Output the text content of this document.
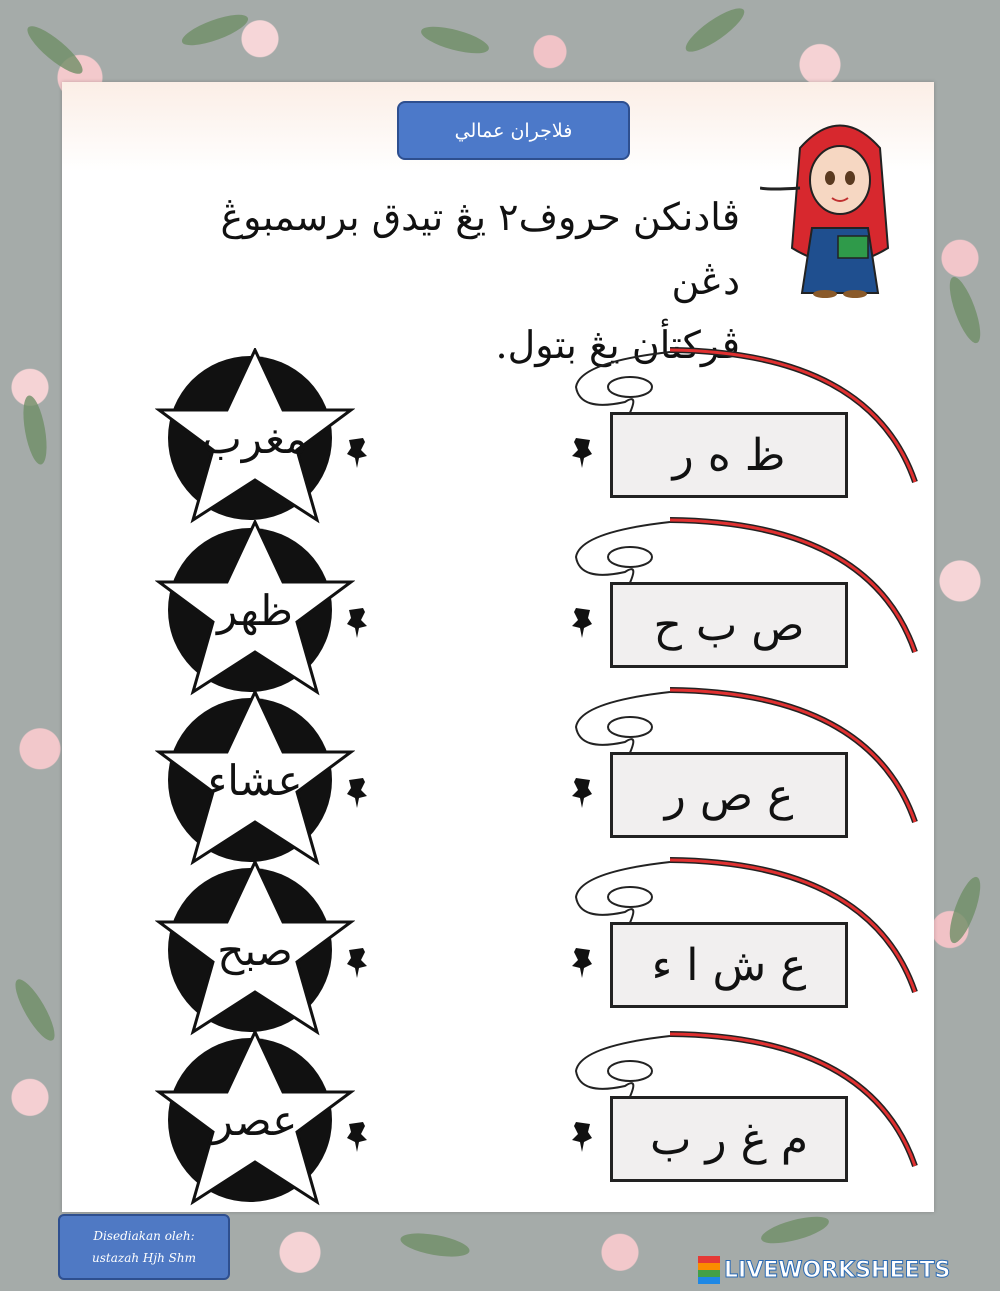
فلاجران عمالي
ڤادنكن حروف٢ يڠ تيدق برسمبوڠ دڠن
ڤركتأن يڠ بتول.
مغرب
ظهر
عشاء
صبح
عصر
ظ ه ر
ص ب ح
ع ص ر
ع ش ا ء
م غ ر ب
Disediakan oleh:
ustazah Hjh Shm	LIVEWORKSHEETS
